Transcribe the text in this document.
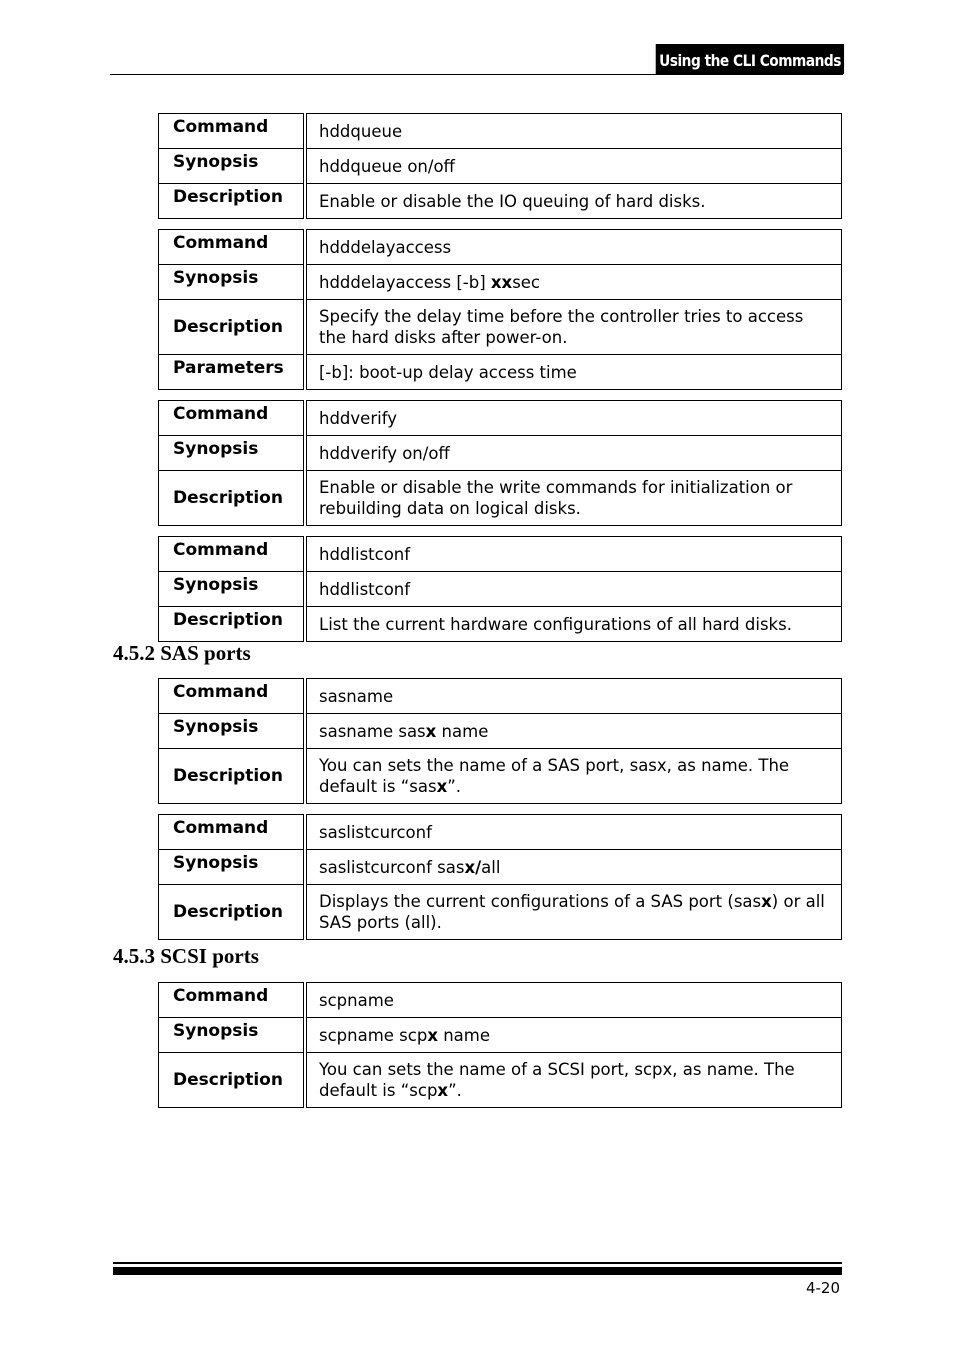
Using the CLI Commands
Command	hddqueue
Synopsis	hddqueue on/off
Description	Enable or disable the IO queuing of hard disks.
Command	hdddelayaccess
Synopsis	hdddelayaccess [-b] xxsec
Description	Specify the delay time before the controller tries to access the hard disks after power-on.
Parameters	[-b]: boot-up delay access time
Command	hddverify
Synopsis	hddverify on/off
Description	Enable or disable the write commands for initialization or rebuilding data on logical disks.
Command	hddlistconf
Synopsis	hddlistconf
Description	List the current hardware configurations of all hard disks.
4.5.2 SAS ports
Command	sasname
Synopsis	sasname sasx name
Description	You can sets the name of a SAS port, sasx, as name. The default is “sasx”.
Command	saslistcurconf
Synopsis	saslistcurconf sasx/all
Description	Displays the current configurations of a SAS port (sasx) or all SAS ports (all).
4.5.3 SCSI ports
Command	scpname
Synopsis	scpname scpx name
Description	You can sets the name of a SCSI port, scpx, as name. The default is “scpx”.
4-20
